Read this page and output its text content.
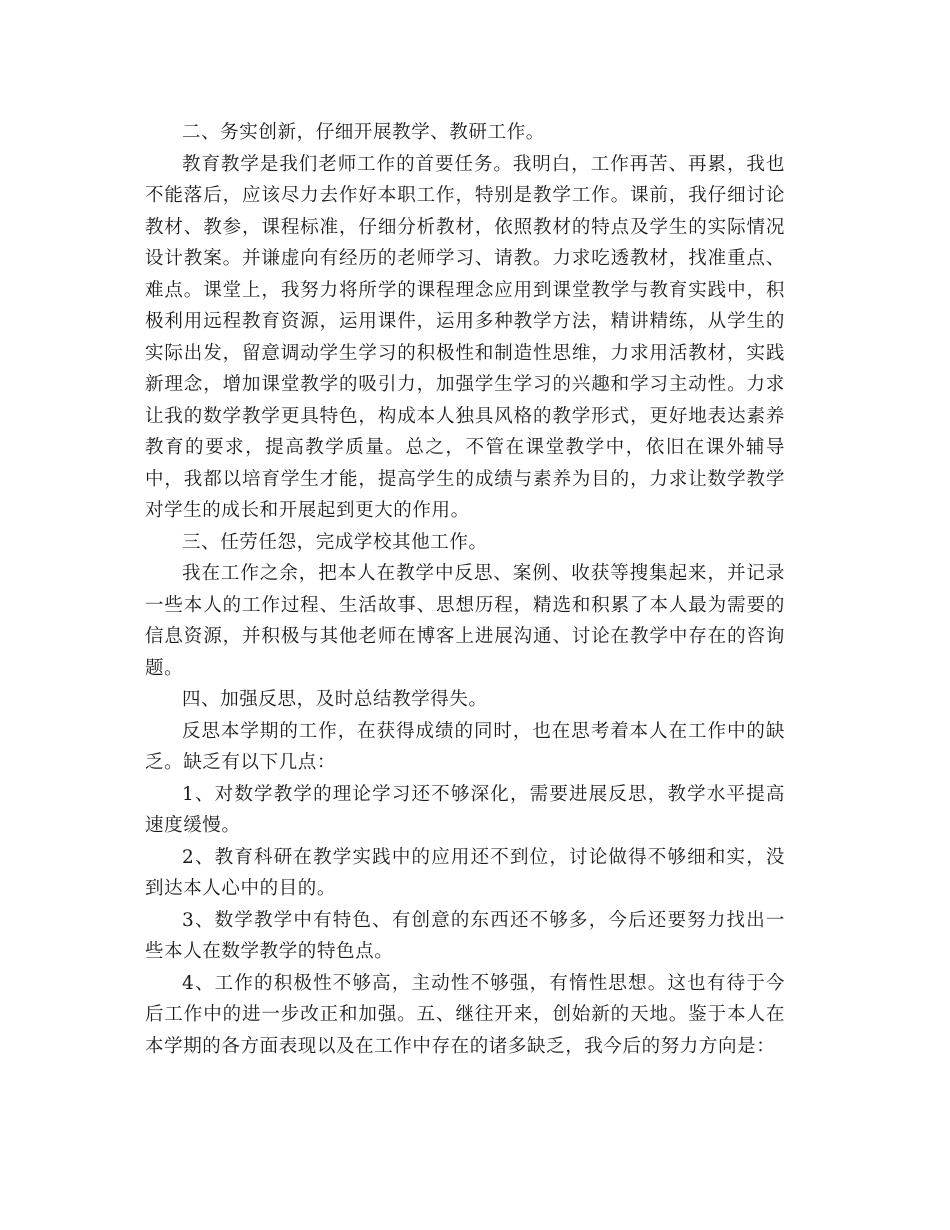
二、务实创新，仔细开展教学、教研工作。

教育教学是我们老师工作的首要任务。我明白，工作再苦、再累，我也不能落后，应该尽力去作好本职工作，特别是教学工作。课前，我仔细讨论教材、教参，课程标准，仔细分析教材，依照教材的特点及学生的实际情况设计教案。并谦虚向有经历的老师学习、请教。力求吃透教材，找准重点、难点。课堂上，我努力将所学的课程理念应用到课堂教学与教育实践中，积极利用远程教育资源，运用课件，运用多种教学方法，精讲精练，从学生的实际出发，留意调动学生学习的积极性和制造性思维，力求用活教材，实践新理念，增加课堂教学的吸引力，加强学生学习的兴趣和学习主动性。力求让我的数学教学更具特色，构成本人独具风格的教学形式，更好地表达素养教育的要求，提高教学质量。总之，不管在课堂教学中，依旧在课外辅导中，我都以培育学生才能，提高学生的成绩与素养为目的，力求让数学教学对学生的成长和开展起到更大的作用。

三、任劳任怨，完成学校其他工作。

我在工作之余，把本人在教学中反思、案例、收获等搜集起来，并记录一些本人的工作过程、生活故事、思想历程，精选和积累了本人最为需要的信息资源，并积极与其他老师在博客上进展沟通、讨论在教学中存在的咨询题。

四、加强反思，及时总结教学得失。

反思本学期的工作，在获得成绩的同时，也在思考着本人在工作中的缺乏。缺乏有以下几点：

1、对数学教学的理论学习还不够深化，需要进展反思，教学水平提高速度缓慢。

2、教育科研在教学实践中的应用还不到位，讨论做得不够细和实，没到达本人心中的目的。

3、数学教学中有特色、有创意的东西还不够多，今后还要努力找出一些本人在数学教学的特色点。

4、工作的积极性不够高，主动性不够强，有惰性思想。这也有待于今后工作中的进一步改正和加强。五、继往开来，创始新的天地。鉴于本人在本学期的各方面表现以及在工作中存在的诸多缺乏，我今后的努力方向是：
